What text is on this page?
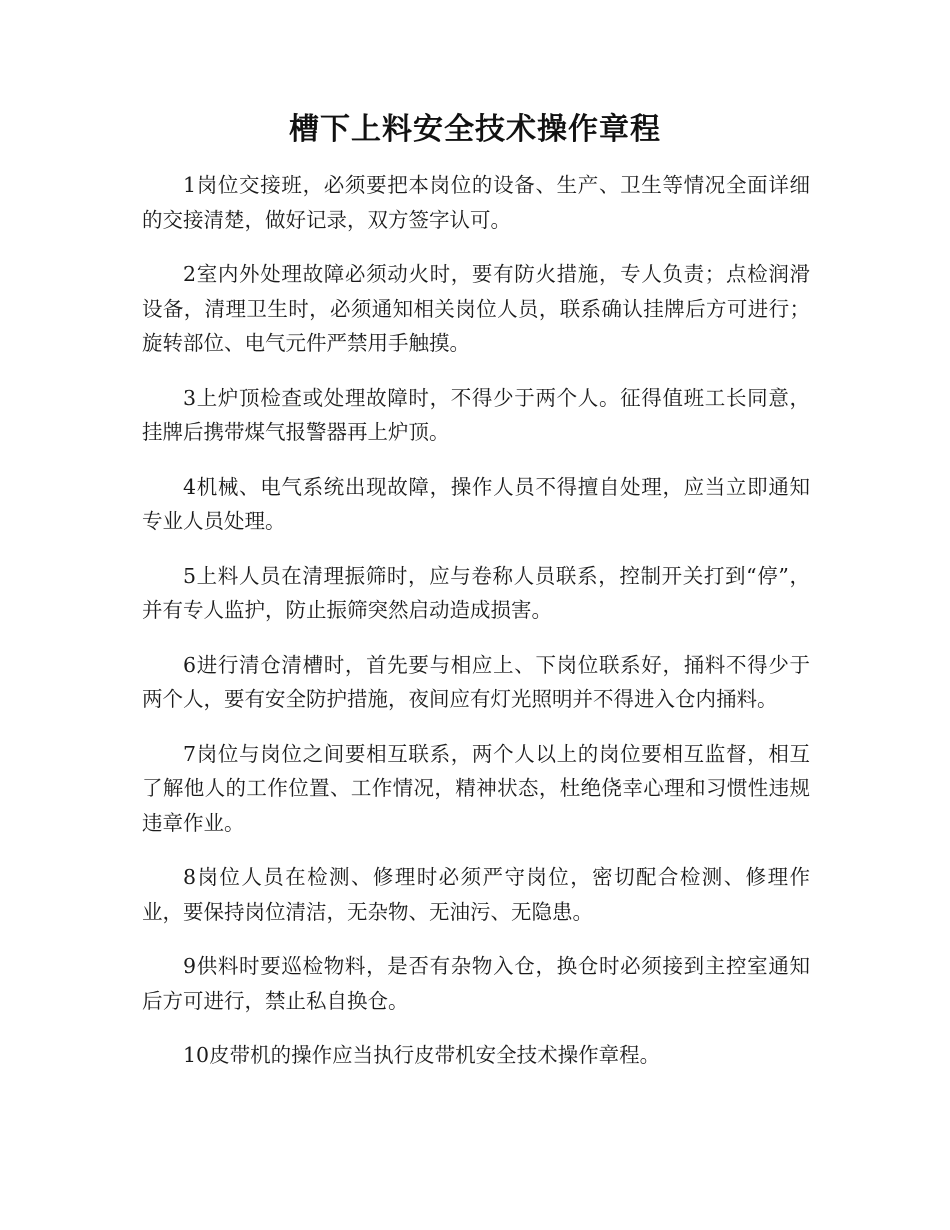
槽下上料安全技术操作章程

1岗位交接班，必须要把本岗位的设备、生产、卫生等情况全面详细的交接清楚，做好记录，双方签字认可。

2室内外处理故障必须动火时，要有防火措施，专人负责；点检润滑设备，清理卫生时，必须通知相关岗位人员，联系确认挂牌后方可进行；旋转部位、电气元件严禁用手触摸。

3上炉顶检查或处理故障时，不得少于两个人。征得值班工长同意，挂牌后携带煤气报警器再上炉顶。

4机械、电气系统出现故障，操作人员不得擅自处理，应当立即通知专业人员处理。

5上料人员在清理振筛时，应与卷称人员联系，控制开关打到“停”，并有专人监护，防止振筛突然启动造成损害。

6进行清仓清槽时，首先要与相应上、下岗位联系好，捅料不得少于两个人，要有安全防护措施，夜间应有灯光照明并不得进入仓内捅料。

7岗位与岗位之间要相互联系，两个人以上的岗位要相互监督，相互了解他人的工作位置、工作情况，精神状态，杜绝侥幸心理和习惯性违规违章作业。

8岗位人员在检测、修理时必须严守岗位，密切配合检测、修理作业，要保持岗位清洁，无杂物、无油污、无隐患。

9供料时要巡检物料，是否有杂物入仓，换仓时必须接到主控室通知后方可进行，禁止私自换仓。

10皮带机的操作应当执行皮带机安全技术操作章程。
